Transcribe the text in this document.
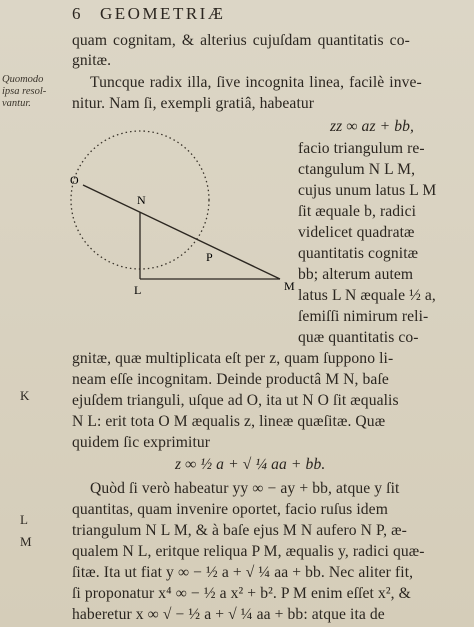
6 GEOMETRIÆ
Quomodo
ipsa resol-
vantur.
K
L
M
quam cognitam, & alterius cujuſdam quantitatis co-
gnitæ.
Tuncque radix illa, ſive incognita linea, facilè inve-
nitur. Nam ſi, exempli gratiâ, habeatur
zz ∞ az + bb,
facio triangulum re-
ctangulum N L M,
cujus unum latus L M
ſit æquale b, radici
videlicet quadratæ
quantitatis cognitæ
bb; alterum autem
latus L N æquale ½ a,
ſemiſſi nimirum reli-
quæ quantitatis co-
gnitæ, quæ multiplicata eſt per z, quam ſuppono li-
neam eſſe incognitam. Deinde productâ M N, baſe
ejuſdem trianguli, uſque ad O, ita ut N O ſit æqualis
N L: erit tota O M æqualis z, lineæ quæſitæ. Quæ
quidem ſic exprimitur
z ∞ ½ a + √ ¼ aa + bb.
Quòd ſi verò habeatur yy ∞ − ay + bb, atque y ſit
quantitas, quam invenire oportet, facio ruſus idem
triangulum N L M, & à baſe ejus M N aufero N P, æ-
qualem N L, eritque reliqua P M, æqualis y, radici quæ-
ſitæ. Ita ut fiat y ∞ − ½ a + √ ¼ aa + bb. Nec aliter fit,
ſi proponatur x⁴ ∞ − ½ a x² + b². P M enim eſſet x², &
haberetur x ∞ √ − ½ a + √ ¼ aa + bb: atque ita de
O
N
P
L	M
